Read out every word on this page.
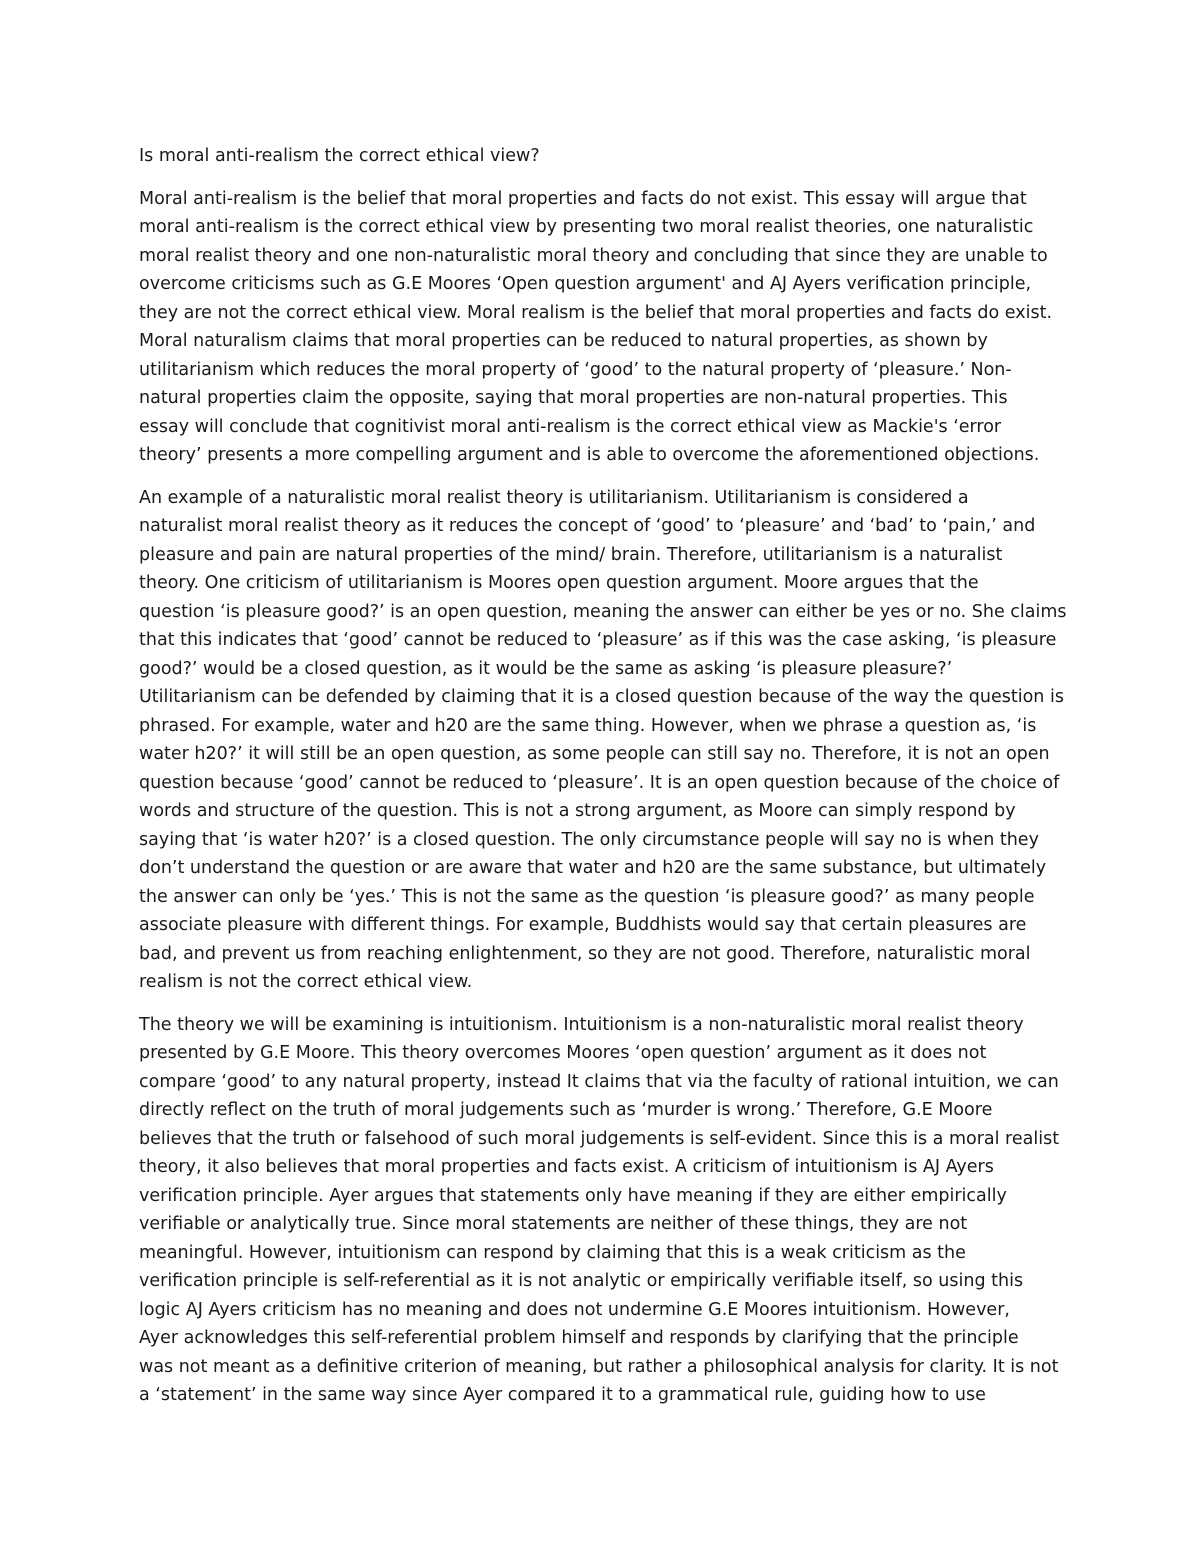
Is moral anti-realism the correct ethical view?

Moral anti-realism is the belief that moral properties and facts do not exist. This essay will argue that
moral anti-realism is the correct ethical view by presenting two moral realist theories, one naturalistic
moral realist theory and one non-naturalistic moral theory and concluding that since they are unable to
overcome criticisms such as G.E Moores ‘Open question argument' and AJ Ayers verification principle,
they are not the correct ethical view. Moral realism is the belief that moral properties and facts do exist.
Moral naturalism claims that moral properties can be reduced to natural properties, as shown by
utilitarianism which reduces the moral property of ‘good’ to the natural property of ‘pleasure.’ Non-
natural properties claim the opposite, saying that moral properties are non-natural properties. This
essay will conclude that cognitivist moral anti-realism is the correct ethical view as Mackie's ‘error
theory’ presents a more compelling argument and is able to overcome the aforementioned objections.

An example of a naturalistic moral realist theory is utilitarianism. Utilitarianism is considered a
naturalist moral realist theory as it reduces the concept of ‘good’ to ‘pleasure’ and ‘bad’ to ‘pain,’ and
pleasure and pain are natural properties of the mind/ brain. Therefore, utilitarianism is a naturalist
theory. One criticism of utilitarianism is Moores open question argument. Moore argues that the
question ‘is pleasure good?’ is an open question, meaning the answer can either be yes or no. She claims
that this indicates that ‘good’ cannot be reduced to ‘pleasure’ as if this was the case asking, ‘is pleasure
good?’ would be a closed question, as it would be the same as asking ‘is pleasure pleasure?’
Utilitarianism can be defended by claiming that it is a closed question because of the way the question is
phrased. For example, water and h20 are the same thing. However, when we phrase a question as, ‘is
water h20?’ it will still be an open question, as some people can still say no. Therefore, it is not an open
question because ‘good’ cannot be reduced to ‘pleasure’. It is an open question because of the choice of
words and structure of the question. This is not a strong argument, as Moore can simply respond by
saying that ‘is water h20?’ is a closed question. The only circumstance people will say no is when they
don’t understand the question or are aware that water and h20 are the same substance, but ultimately
the answer can only be ‘yes.’ This is not the same as the question ‘is pleasure good?’ as many people
associate pleasure with different things. For example, Buddhists would say that certain pleasures are
bad, and prevent us from reaching enlightenment, so they are not good. Therefore, naturalistic moral
realism is not the correct ethical view.

The theory we will be examining is intuitionism. Intuitionism is a non-naturalistic moral realist theory
presented by G.E Moore. This theory overcomes Moores ‘open question’ argument as it does not
compare ‘good’ to any natural property, instead It claims that via the faculty of rational intuition, we can
directly reflect on the truth of moral judgements such as ‘murder is wrong.’ Therefore, G.E Moore
believes that the truth or falsehood of such moral judgements is self-evident. Since this is a moral realist
theory, it also believes that moral properties and facts exist. A criticism of intuitionism is AJ Ayers
verification principle. Ayer argues that statements only have meaning if they are either empirically
verifiable or analytically true. Since moral statements are neither of these things, they are not
meaningful. However, intuitionism can respond by claiming that this is a weak criticism as the
verification principle is self-referential as it is not analytic or empirically verifiable itself, so using this
logic AJ Ayers criticism has no meaning and does not undermine G.E Moores intuitionism. However,
Ayer acknowledges this self-referential problem himself and responds by clarifying that the principle
was not meant as a definitive criterion of meaning, but rather a philosophical analysis for clarity. It is not
a ‘statement’ in the same way since Ayer compared it to a grammatical rule, guiding how to use
